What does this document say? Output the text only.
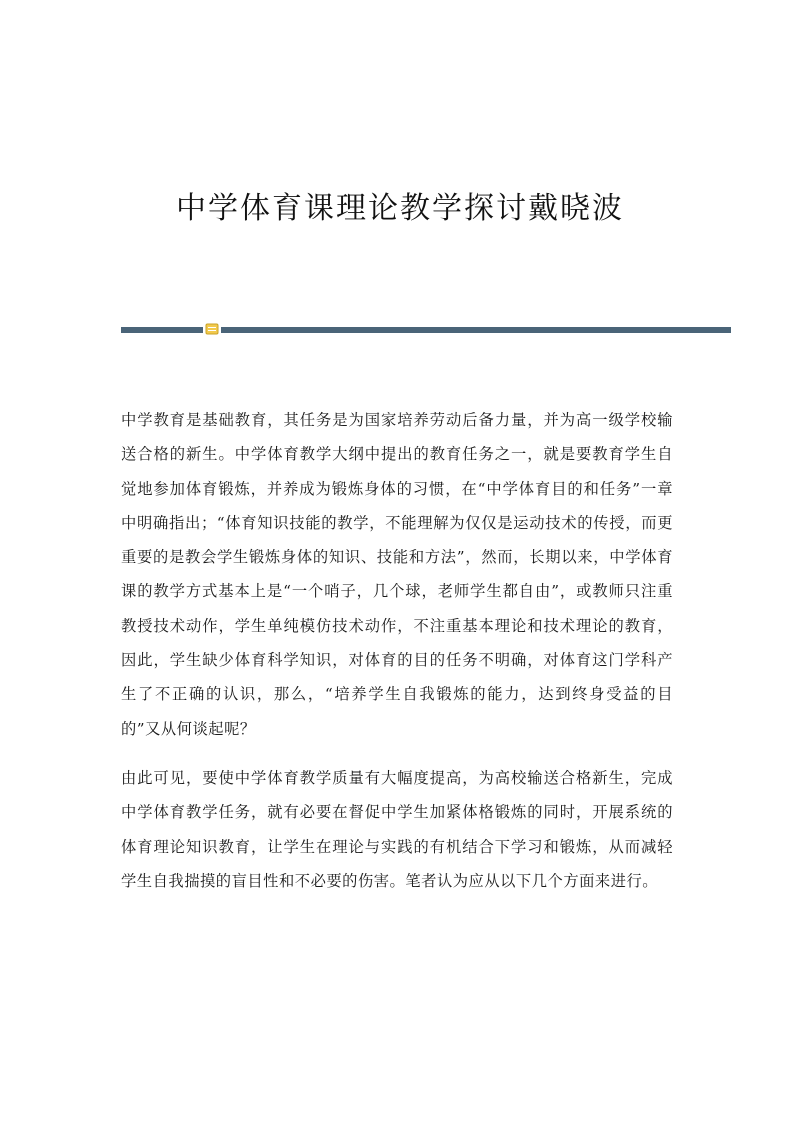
中学体育课理论教学探讨戴晓波

中学教育是基础教育，其任务是为国家培养劳动后备力量，并为高一级学校输送合格的新生。中学体育教学大纲中提出的教育任务之一，就是要教育学生自觉地参加体育锻炼，并养成为锻炼身体的习惯，在“中学体育目的和任务”一章中明确指出；“体育知识技能的教学，不能理解为仅仅是运动技术的传授，而更重要的是教会学生锻炼身体的知识、技能和方法”，然而，长期以来，中学体育课的教学方式基本上是“一个哨子，几个球，老师学生都自由”，或教师只注重教授技术动作，学生单纯模仿技术动作，不注重基本理论和技术理论的教育，因此，学生缺少体育科学知识，对体育的目的任务不明确，对体育这门学科产生了不正确的认识，那么，“培养学生自我锻炼的能力，达到终身受益的目的”又从何谈起呢？

由此可见，要使中学体育教学质量有大幅度提高，为高校输送合格新生，完成中学体育教学任务，就有必要在督促中学生加紧体格锻炼的同时，开展系统的体育理论知识教育，让学生在理论与实践的有机结合下学习和锻炼，从而减轻学生自我揣摸的盲目性和不必要的伤害。笔者认为应从以下几个方面来进行。
